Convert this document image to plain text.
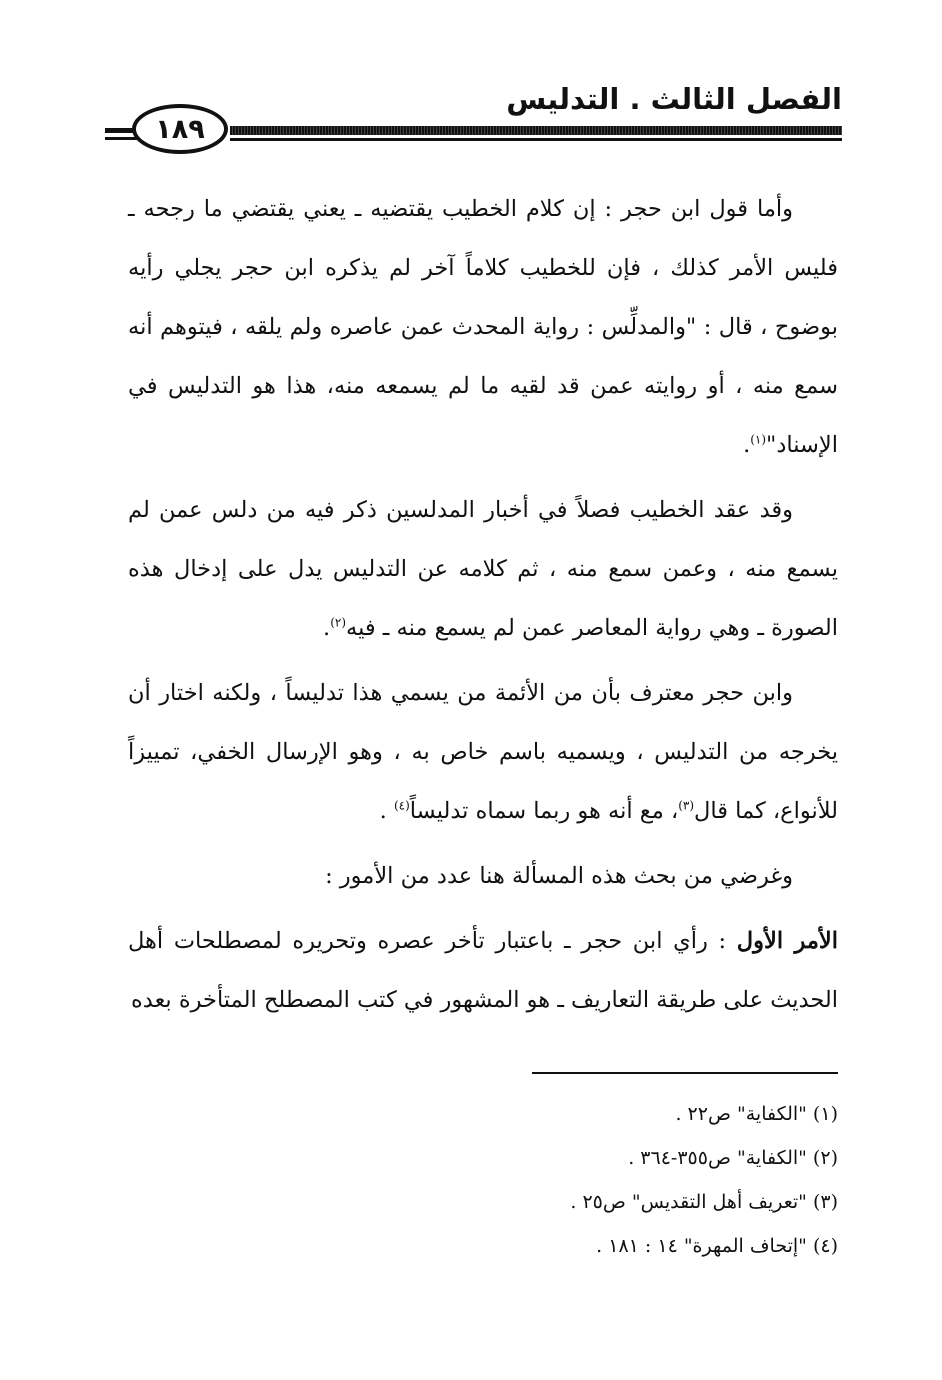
الفصل الثالث . التدليس
١٨٩

وأما قول ابن حجر : إن كلام الخطيب يقتضيه ـ يعني يقتضي ما رجحه ـ فليس الأمر كذلك ، فإن للخطيب كلاماً آخر لم يذكره ابن حجر يجلي رأيه بوضوح ، قال : "والمدلِّس : رواية المحدث عمن عاصره ولم يلقه ، فيتوهم أنه سمع منه ، أو روايته عمن قد لقيه ما لم يسمعه منه، هذا هو التدليس في الإسناد"$^{(١)}$.

وقد عقد الخطيب فصلاً في أخبار المدلسين ذكر فيه من دلس عمن لم يسمع منه ، وعمن سمع منه ، ثم كلامه عن التدليس يدل على إدخال هذه الصورة ـ وهي رواية المعاصر عمن لم يسمع منه ـ فيه$^{(٢)}$.

وابن حجر معترف بأن من الأئمة من يسمي هذا تدليساً ، ولكنه اختار أن يخرجه من التدليس ، ويسميه باسم خاص به ، وهو الإرسال الخفي، تمييزاً للأنواع، كما قال$^{(٣)}$، مع أنه هو ربما سماه تدليساً$^{(٤)}$ .

وغرضي من بحث هذه المسألة هنا عدد من الأمور :

الأمر الأول : رأي ابن حجر ـ باعتبار تأخر عصره وتحريره لمصطلحات أهل الحديث على طريقة التعاريف ـ هو المشهور في كتب المصطلح المتأخرة بعده

(١) "الكفاية" ص٢٢ .
(٢) "الكفاية" ص٣٥٥-٣٦٤ .
(٣) "تعريف أهل التقديس" ص٢٥ .
(٤) "إتحاف المهرة" ١٤ : ١٨١ .
